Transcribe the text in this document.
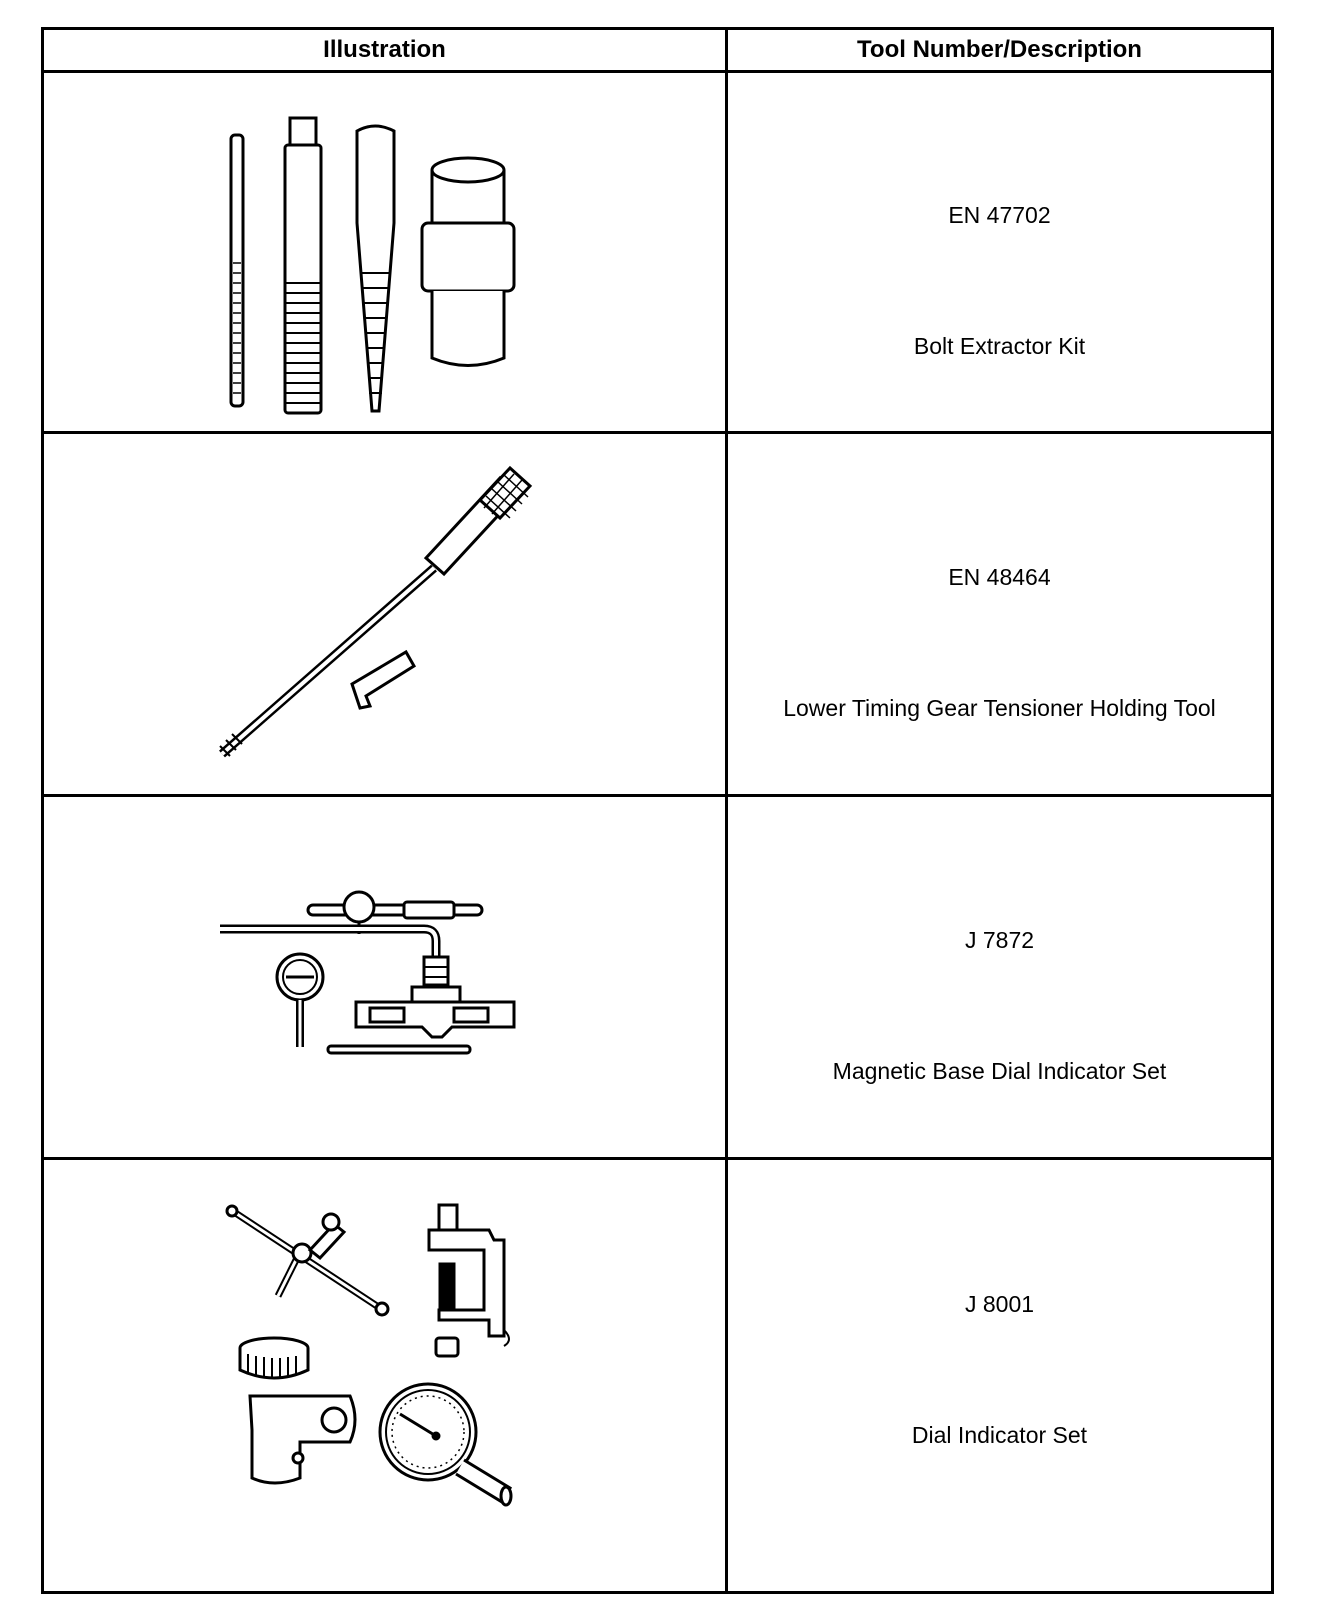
Illustration	Tool Number/Description
EN 47702
Bolt Extractor Kit
EN 48464
Lower Timing Gear Tensioner Holding Tool
J 7872
Magnetic Base Dial Indicator Set
J 8001
Dial Indicator Set
